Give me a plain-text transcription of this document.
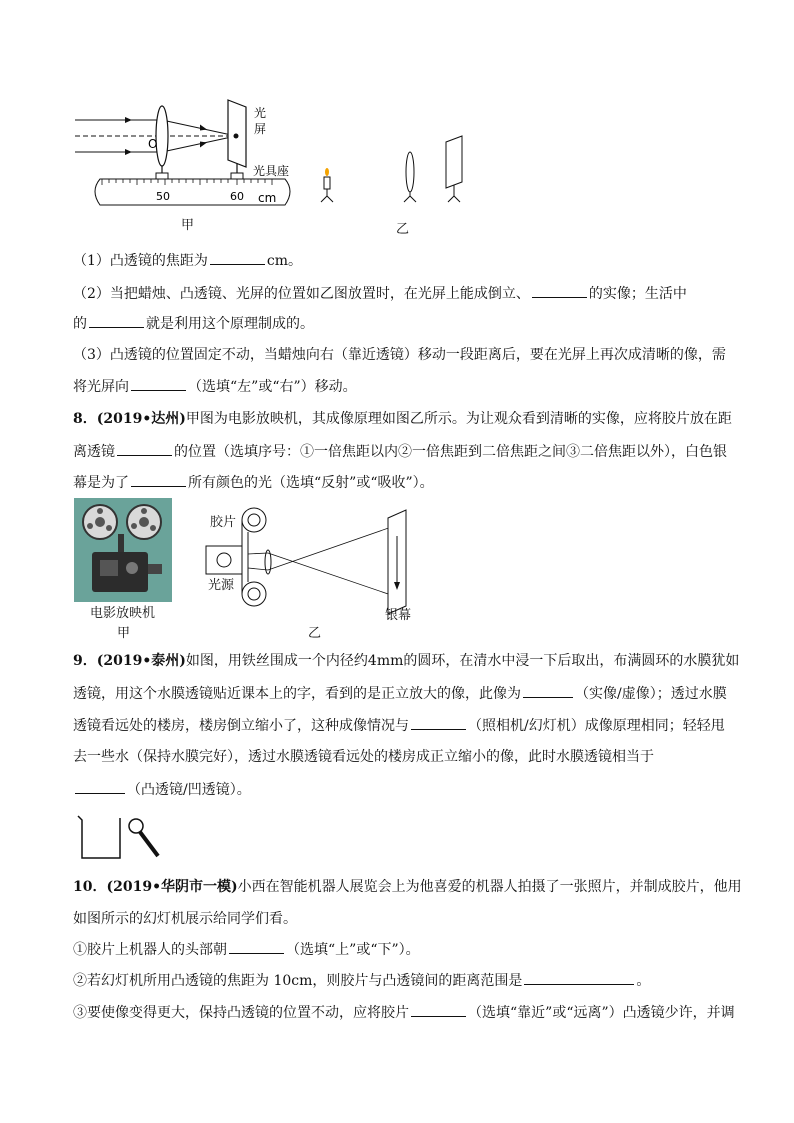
O
光
屏
光具座
50	60 cm
甲	乙
（1）凸透镜的焦距为	cm。
（2）当把蜡烛、凸透镜、光屏的位置如乙图放置时，在光屏上能成倒立、	的实像；生活中
的	就是利用这个原理制成的。
（3）凸透镜的位置固定不动，当蜡烛向右（靠近透镜）移动一段距离后，要在光屏上再次成清晰的像，需
将光屏向	（选填“左”或“右”）移动。
8．(2019•达州)甲图为电影放映机，其成像原理如图乙所示。为让观众看到清晰的实像，应将胶片放在距
离透镜	的位置（选填序号：①一倍焦距以内②一倍焦距到二倍焦距之间③二倍焦距以外），白色银
幕是为了	所有颜色的光（选填“反射”或“吸收”）。
电影放映机
甲
胶片
光源
银幕
乙
9．(2019•泰州)如图，用铁丝围成一个内径约4mm的圆环，在清水中浸一下后取出，布满圆环的水膜犹如
透镜，用这个水膜透镜贴近课本上的字，看到的是正立放大的像，此像为	（实像/虚像）；透过水膜
透镜看远处的楼房，楼房倒立缩小了，这种成像情况与	（照相机/幻灯机）成像原理相同；轻轻甩
去一些水（保持水膜完好），透过水膜透镜看远处的楼房成正立缩小的像，此时水膜透镜相当于
（凸透镜/凹透镜）。
10．(2019•华阴市一模)小西在智能机器人展览会上为他喜爱的机器人拍摄了一张照片，并制成胶片，他用
如图所示的幻灯机展示给同学们看。
①胶片上机器人的头部朝	（选填“上”或“下”）。
②若幻灯机所用凸透镜的焦距为 10cm，则胶片与凸透镜间的距离范围是	。
③要使像变得更大，保持凸透镜的位置不动，应将胶片	（选填“靠近”或“远离”）凸透镜少许，并调
